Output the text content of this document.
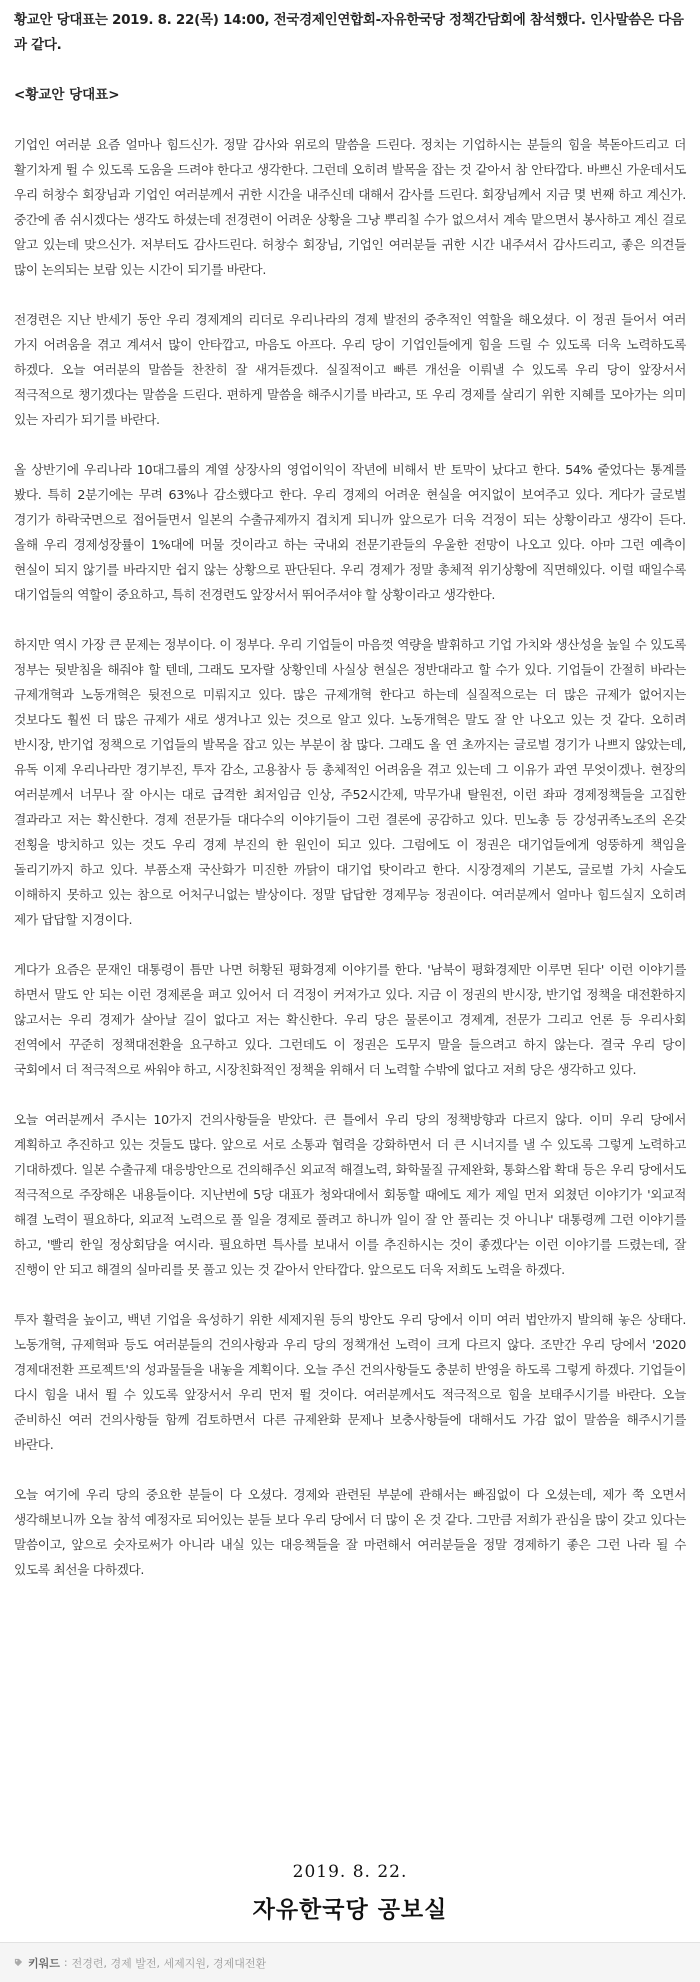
황교안 당대표는 2019. 8. 22(목) 14:00, 전국경제인연합회-자유한국당 정책간담회에 참석했다. 인사말씀은 다음과 같다.

<황교안 당대표>

기업인 여러분 요즘 얼마나 힘드신가. 정말 감사와 위로의 말씀을 드린다. 정치는 기업하시는 분들의 힘을 북돋아드리고 더 활기차게 뛸 수 있도록 도움을 드려야 한다고 생각한다. 그런데 오히려 발목을 잡는 것 같아서 참 안타깝다. 바쁘신 가운데서도 우리 허창수 회장님과 기업인 여러분께서 귀한 시간을 내주신데 대해서 감사를 드린다. 회장님께서 지금 몇 번째 하고 계신가. 중간에 좀 쉬시겠다는 생각도 하셨는데 전경련이 어려운 상황을 그냥 뿌리칠 수가 없으셔서 계속 맡으면서 봉사하고 계신 걸로 알고 있는데 맞으신가. 저부터도 감사드린다. 허창수 회장님, 기업인 여러분들 귀한 시간 내주셔서 감사드리고, 좋은 의견들 많이 논의되는 보람 있는 시간이 되기를 바란다.

전경련은 지난 반세기 동안 우리 경제계의 리더로 우리나라의 경제 발전의 중추적인 역할을 해오셨다. 이 정권 들어서 여러 가지 어려움을 겪고 계셔서 많이 안타깝고, 마음도 아프다. 우리 당이 기업인들에게 힘을 드릴 수 있도록 더욱 노력하도록 하겠다. 오늘 여러분의 말씀들 찬찬히 잘 새겨듣겠다. 실질적이고 빠른 개선을 이뤄낼 수 있도록 우리 당이 앞장서서 적극적으로 챙기겠다는 말씀을 드린다. 편하게 말씀을 해주시기를 바라고, 또 우리 경제를 살리기 위한 지혜를 모아가는 의미 있는 자리가 되기를 바란다.

올 상반기에 우리나라 10대그룹의 계열 상장사의 영업이익이 작년에 비해서 반 토막이 났다고 한다. 54% 줄었다는 통계를 봤다. 특히 2분기에는 무려 63%나 감소했다고 한다. 우리 경제의 어려운 현실을 여지없이 보여주고 있다. 게다가 글로벌 경기가 하락국면으로 접어들면서 일본의 수출규제까지 겹치게 되니까 앞으로가 더욱 걱정이 되는 상황이라고 생각이 든다. 올해 우리 경제성장률이 1%대에 머물 것이라고 하는 국내외 전문기관들의 우울한 전망이 나오고 있다. 아마 그런 예측이 현실이 되지 않기를 바라지만 쉽지 않는 상황으로 판단된다. 우리 경제가 정말 총체적 위기상황에 직면해있다. 이럴 때일수록 대기업들의 역할이 중요하고, 특히 전경련도 앞장서서 뛰어주셔야 할 상황이라고 생각한다.

하지만 역시 가장 큰 문제는 정부이다. 이 정부다. 우리 기업들이 마음껏 역량을 발휘하고 기업 가치와 생산성을 높일 수 있도록 정부는 뒷받침을 해줘야 할 텐데, 그래도 모자랄 상황인데 사실상 현실은 정반대라고 할 수가 있다. 기업들이 간절히 바라는 규제개혁과 노동개혁은 뒷전으로 미뤄지고 있다. 많은 규제개혁 한다고 하는데 실질적으로는 더 많은 규제가 없어지는 것보다도 훨씬 더 많은 규제가 새로 생겨나고 있는 것으로 알고 있다. 노동개혁은 말도 잘 안 나오고 있는 것 같다. 오히려 반시장, 반기업 정책으로 기업들의 발목을 잡고 있는 부분이 참 많다. 그래도 올 연 초까지는 글로벌 경기가 나쁘지 않았는데, 유독 이제 우리나라만 경기부진, 투자 감소, 고용참사 등 총체적인 어려움을 겪고 있는데 그 이유가 과연 무엇이겠나. 현장의 여러분께서 너무나 잘 아시는 대로 급격한 최저임금 인상, 주52시간제, 막무가내 탈원전, 이런 좌파 경제정책들을 고집한 결과라고 저는 확신한다. 경제 전문가들 대다수의 이야기들이 그런 결론에 공감하고 있다. 민노총 등 강성귀족노조의 온갖 전횡을 방치하고 있는 것도 우리 경제 부진의 한 원인이 되고 있다. 그럼에도 이 정권은 대기업들에게 엉뚱하게 책임을 돌리기까지 하고 있다. 부품소재 국산화가 미진한 까닭이 대기업 탓이라고 한다. 시장경제의 기본도, 글로벌 가치 사슬도 이해하지 못하고 있는 참으로 어처구니없는 발상이다. 정말 답답한 경제무능 정권이다. 여러분께서 얼마나 힘드실지 오히려 제가 답답할 지경이다.

게다가 요즘은 문재인 대통령이 틈만 나면 허황된 평화경제 이야기를 한다. '남북이 평화경제만 이루면 된다' 이런 이야기를 하면서 말도 안 되는 이런 경제론을 펴고 있어서 더 걱정이 커져가고 있다. 지금 이 정권의 반시장, 반기업 정책을 대전환하지 않고서는 우리 경제가 살아날 길이 없다고 저는 확신한다. 우리 당은 물론이고 경제계, 전문가 그리고 언론 등 우리사회 전역에서 꾸준히 정책대전환을 요구하고 있다. 그런데도 이 정권은 도무지 말을 들으려고 하지 않는다. 결국 우리 당이 국회에서 더 적극적으로 싸워야 하고, 시장친화적인 정책을 위해서 더 노력할 수밖에 없다고 저희 당은 생각하고 있다.

오늘 여러분께서 주시는 10가지 건의사항들을 받았다. 큰 틀에서 우리 당의 정책방향과 다르지 않다. 이미 우리 당에서 계획하고 추진하고 있는 것들도 많다. 앞으로 서로 소통과 협력을 강화하면서 더 큰 시너지를 낼 수 있도록 그렇게 노력하고 기대하겠다. 일본 수출규제 대응방안으로 건의해주신 외교적 해결노력, 화학물질 규제완화, 통화스왑 확대 등은 우리 당에서도 적극적으로 주장해온 내용들이다. 지난번에 5당 대표가 청와대에서 회동할 때에도 제가 제일 먼저 외쳤던 이야기가 '외교적 해결 노력이 필요하다, 외교적 노력으로 풀 일을 경제로 풀려고 하니까 일이 잘 안 풀리는 것 아니냐' 대통령께 그런 이야기를 하고, '빨리 한일 정상회담을 여시라. 필요하면 특사를 보내서 이를 추진하시는 것이 좋겠다'는 이런 이야기를 드렸는데, 잘 진행이 안 되고 해결의 실마리를 못 풀고 있는 것 같아서 안타깝다. 앞으로도 더욱 저희도 노력을 하겠다.

투자 활력을 높이고, 백년 기업을 육성하기 위한 세제지원 등의 방안도 우리 당에서 이미 여러 법안까지 발의해 놓은 상태다. 노동개혁, 규제혁파 등도 여러분들의 건의사항과 우리 당의 정책개선 노력이 크게 다르지 않다. 조만간 우리 당에서 '2020 경제대전환 프로젝트'의 성과물들을 내놓을 계획이다. 오늘 주신 건의사항들도 충분히 반영을 하도록 그렇게 하겠다. 기업들이 다시 힘을 내서 뛸 수 있도록 앞장서서 우리 먼저 뛸 것이다. 여러분께서도 적극적으로 힘을 보태주시기를 바란다. 오늘 준비하신 여러 건의사항들 함께 검토하면서 다른 규제완화 문제나 보충사항들에 대해서도 가감 없이 말씀을 해주시기를 바란다.

오늘 여기에 우리 당의 중요한 분들이 다 오셨다. 경제와 관련된 부분에 관해서는 빠짐없이 다 오셨는데, 제가 쭉 오면서 생각해보니까 오늘 참석 예정자로 되어있는 분들 보다 우리 당에서 더 많이 온 것 같다. 그만큼 저희가 관심을 많이 갖고 있다는 말씀이고, 앞으로 숫자로써가 아니라 내실 있는 대응책들을 잘 마련해서 여러분들을 정말 경제하기 좋은 그런 나라 될 수 있도록 최선을 다하겠다.

2019. 8. 22.
자유한국당 공보실
키워드 : 전경련, 경제 발전, 세제지원, 경제대전환
